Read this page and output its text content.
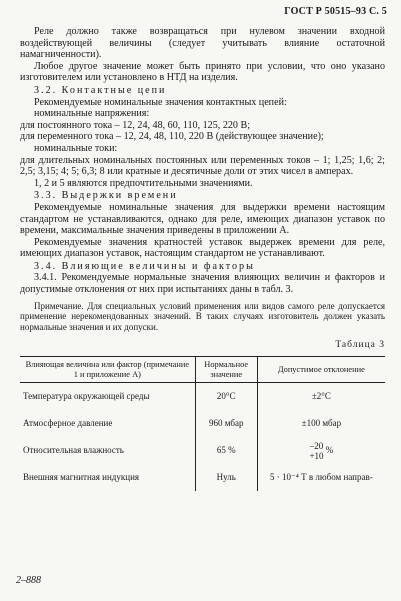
ГОСТ Р 50515–93 С. 5

Реле должно также возвращаться при нулевом значении входной воздействующей величины (следует учитывать влияние остаточной намагниченности).

Любое другое значение может быть принято при условии, что оно указано изготовителем или установлено в НТД на изделия.

3.2. Контактные цепи

Рекомендуемые номинальные значения контактных цепей:

номинальные напряжения:

для постоянного тока – 12, 24, 48, 60, 110, 125, 220 В;

для переменного тока – 12, 24, 48, 110, 220 В (действующее значение);

номинальные токи:

для длительных номинальных постоянных или переменных токов – 1; 1,25; 1,6; 2; 2,5; 3,15; 4; 5; 6,3; 8 или кратные и десятичные доли от этих чисел в амперах.

1, 2 и 5 являются предпочтительными значениями.

3.3. Выдержки времени

Рекомендуемые номинальные значения для выдержки времени настоящим стандартом не устанавливаются, однако для реле, имеющих диапазон уставок по времени, максимальные значения приведены в приложении А.

Рекомендуемые значения кратностей уставок выдержек времени для реле, имеющих диапазон уставок, настоящим стандартом не устанавливают.

3.4. Влияющие величины и факторы

3.4.1. Рекомендуемые нормальные значения влияющих величин и факторов и допустимые отклонения от них при испытаниях даны в табл. 3.

Примечание. Для специальных условий применения или видов самого реле допускается применение нерекомендованных значений. В таких случаях изготовитель должен указать нормальные значения и их допуски.

Таблица 3
Влияющая величина или фактор (примечание 1 и приложение А)	Нормальное значение	Допустимое отклонение
Температура окружающей среды	20°С	±2°С
Атмосферное давление	960 мбар	±100 мбар
Относительная влажность	65 %	–20
+10 %
Внешняя магнитная индукция	Нуль	5 · 10⁻⁴ Т в любом направ-
2–888
